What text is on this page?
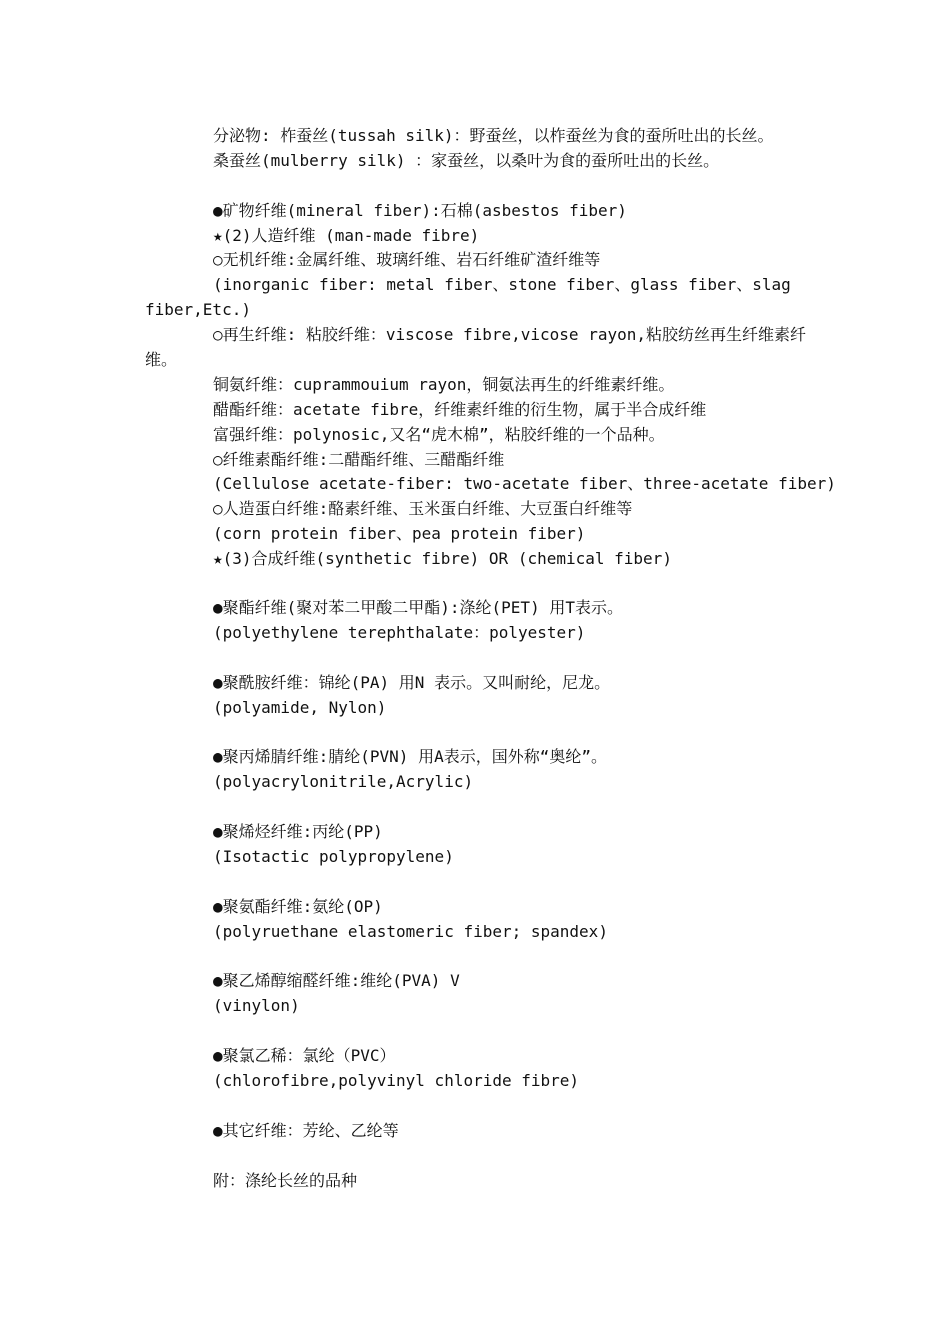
分泌物: 柞蚕丝(tussah silk)：野蚕丝，以柞蚕丝为食的蚕所吐出的长丝。
桑蚕丝(mulberry silk) ：家蚕丝，以桑叶为食的蚕所吐出的长丝。
●矿物纤维(mineral fiber):石棉(asbestos fiber)
★(2)人造纤维 (man-made fibre)
○无机纤维:金属纤维、玻璃纤维、岩石纤维矿渣纤维等
(inorganic fiber: metal fiber、stone fiber、glass fiber、slag
fiber,Etc.)
○再生纤维: 粘胶纤维：viscose fibre,vicose rayon,粘胶纺丝再生纤维素纤
维。
铜氨纤维：cuprammouium rayon，铜氨法再生的纤维素纤维。
醋酯纤维：acetate fibre，纤维素纤维的衍生物，属于半合成纤维
富强纤维：polynosic,又名“虎木棉”，粘胶纤维的一个品种。
○纤维素酯纤维:二醋酯纤维、三醋酯纤维
(Cellulose acetate-fiber: two-acetate fiber、three-acetate fiber)
○人造蛋白纤维:酪素纤维、玉米蛋白纤维、大豆蛋白纤维等
(corn protein fiber、pea protein fiber)
★(3)合成纤维(synthetic fibre) OR (chemical fiber)
●聚酯纤维(聚对苯二甲酸二甲酯):涤纶(PET) 用T表示。
(polyethylene terephthalate：polyester)
●聚酰胺纤维：锦纶(PA) 用N 表示。又叫耐纶，尼龙。
(polyamide, Nylon)
●聚丙烯腈纤维:腈纶(PVN) 用A表示，国外称“奥纶”。
(polyacrylonitrile,Acrylic)
●聚烯烃纤维:丙纶(PP)
(Isotactic polypropylene)
●聚氨酯纤维:氨纶(OP)
(polyruethane elastomeric fiber; spandex)
●聚乙烯醇缩醛纤维:维纶(PVA) V
(vinylon)
●聚氯乙稀：氯纶（PVC）
(chlorofibre,polyvinyl chloride fibre)
●其它纤维：芳纶、乙纶等
附：涤纶长丝的品种
